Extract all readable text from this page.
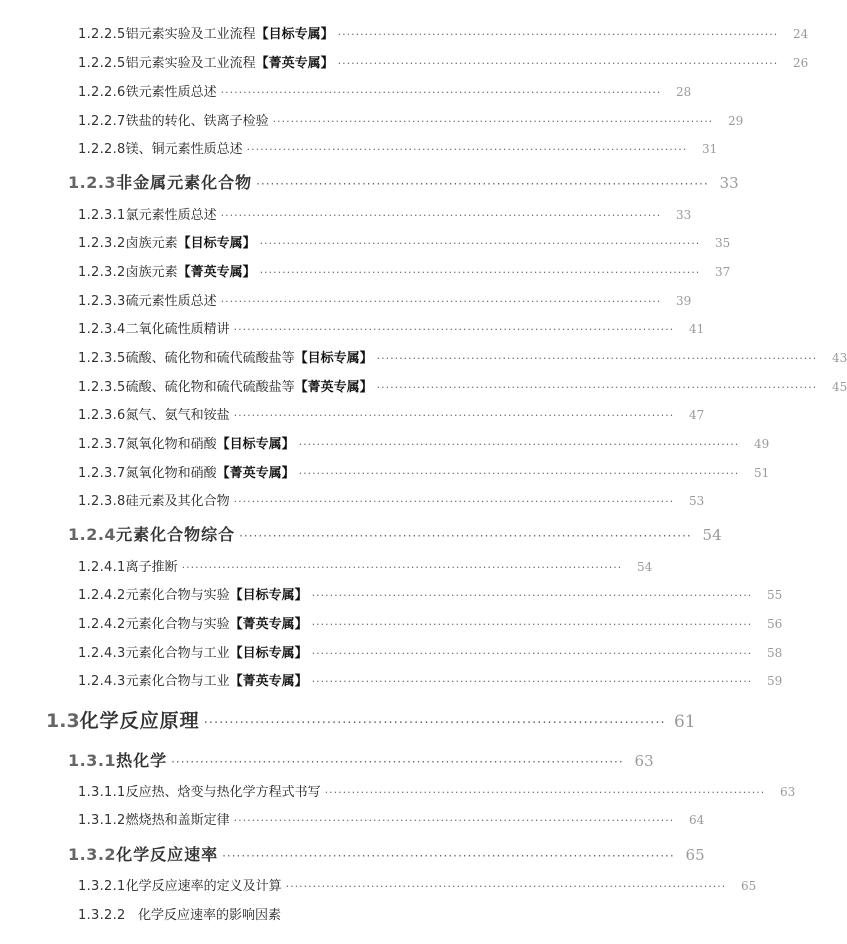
1.2.2.5 铝元素实验及工业流程 【目标专属】 ··································································································	24
1.2.2.5 铝元素实验及工业流程 【菁英专属】 ··································································································	26
1.2.2.6 铁元素性质总述 ··································································································	28
1.2.2.7 铁盐的转化、铁离子检验 ··································································································	29
1.2.2.8 镁、铜元素性质总述 ··································································································	31
1.2.3 非金属元素化合物 ······························································································ 33
1.2.3.1 氯元素性质总述 ··································································································	33
1.2.3.2 卤族元素 【目标专属】 ··································································································	35
1.2.3.2 卤族元素 【菁英专属】 ··································································································	37
1.2.3.3 硫元素性质总述 ··································································································	39
1.2.3.4 二氧化硫性质精讲 ··································································································	41
1.2.3.5 硫酸、硫化物和硫代硫酸盐等 【目标专属】 ··································································································	43
1.2.3.5 硫酸、硫化物和硫代硫酸盐等 【菁英专属】 ··································································································	45
1.2.3.6 氮气、氨气和铵盐 ··································································································	47
1.2.3.7 氮氧化物和硝酸 【目标专属】 ··································································································	49
1.2.3.7 氮氧化物和硝酸 【菁英专属】 ··································································································	51
1.2.3.8 硅元素及其化合物 ··································································································	53
1.2.4 元素化合物综合 ······························································································ 54
1.2.4.1 离子推断 ··································································································	54
1.2.4.2 元素化合物与实验 【目标专属】 ··································································································	55
1.2.4.2 元素化合物与实验 【菁英专属】 ··································································································	56
1.2.4.3 元素化合物与工业 【目标专属】 ··································································································	58
1.2.4.3 元素化合物与工业 【菁英专属】 ··································································································	59
1.3 化学反应原理 ·························································································· 61
1.3.1 热化学 ······························································································ 63
1.3.1.1 反应热、焓变与热化学方程式书写 ··································································································	63
1.3.1.2 燃烧热和盖斯定律 ··································································································	64
1.3.2 化学反应速率 ······························································································ 65
1.3.2.1 化学反应速率的定义及计算 ··································································································	65
1.3.2.2 化学反应速率的影响因素
